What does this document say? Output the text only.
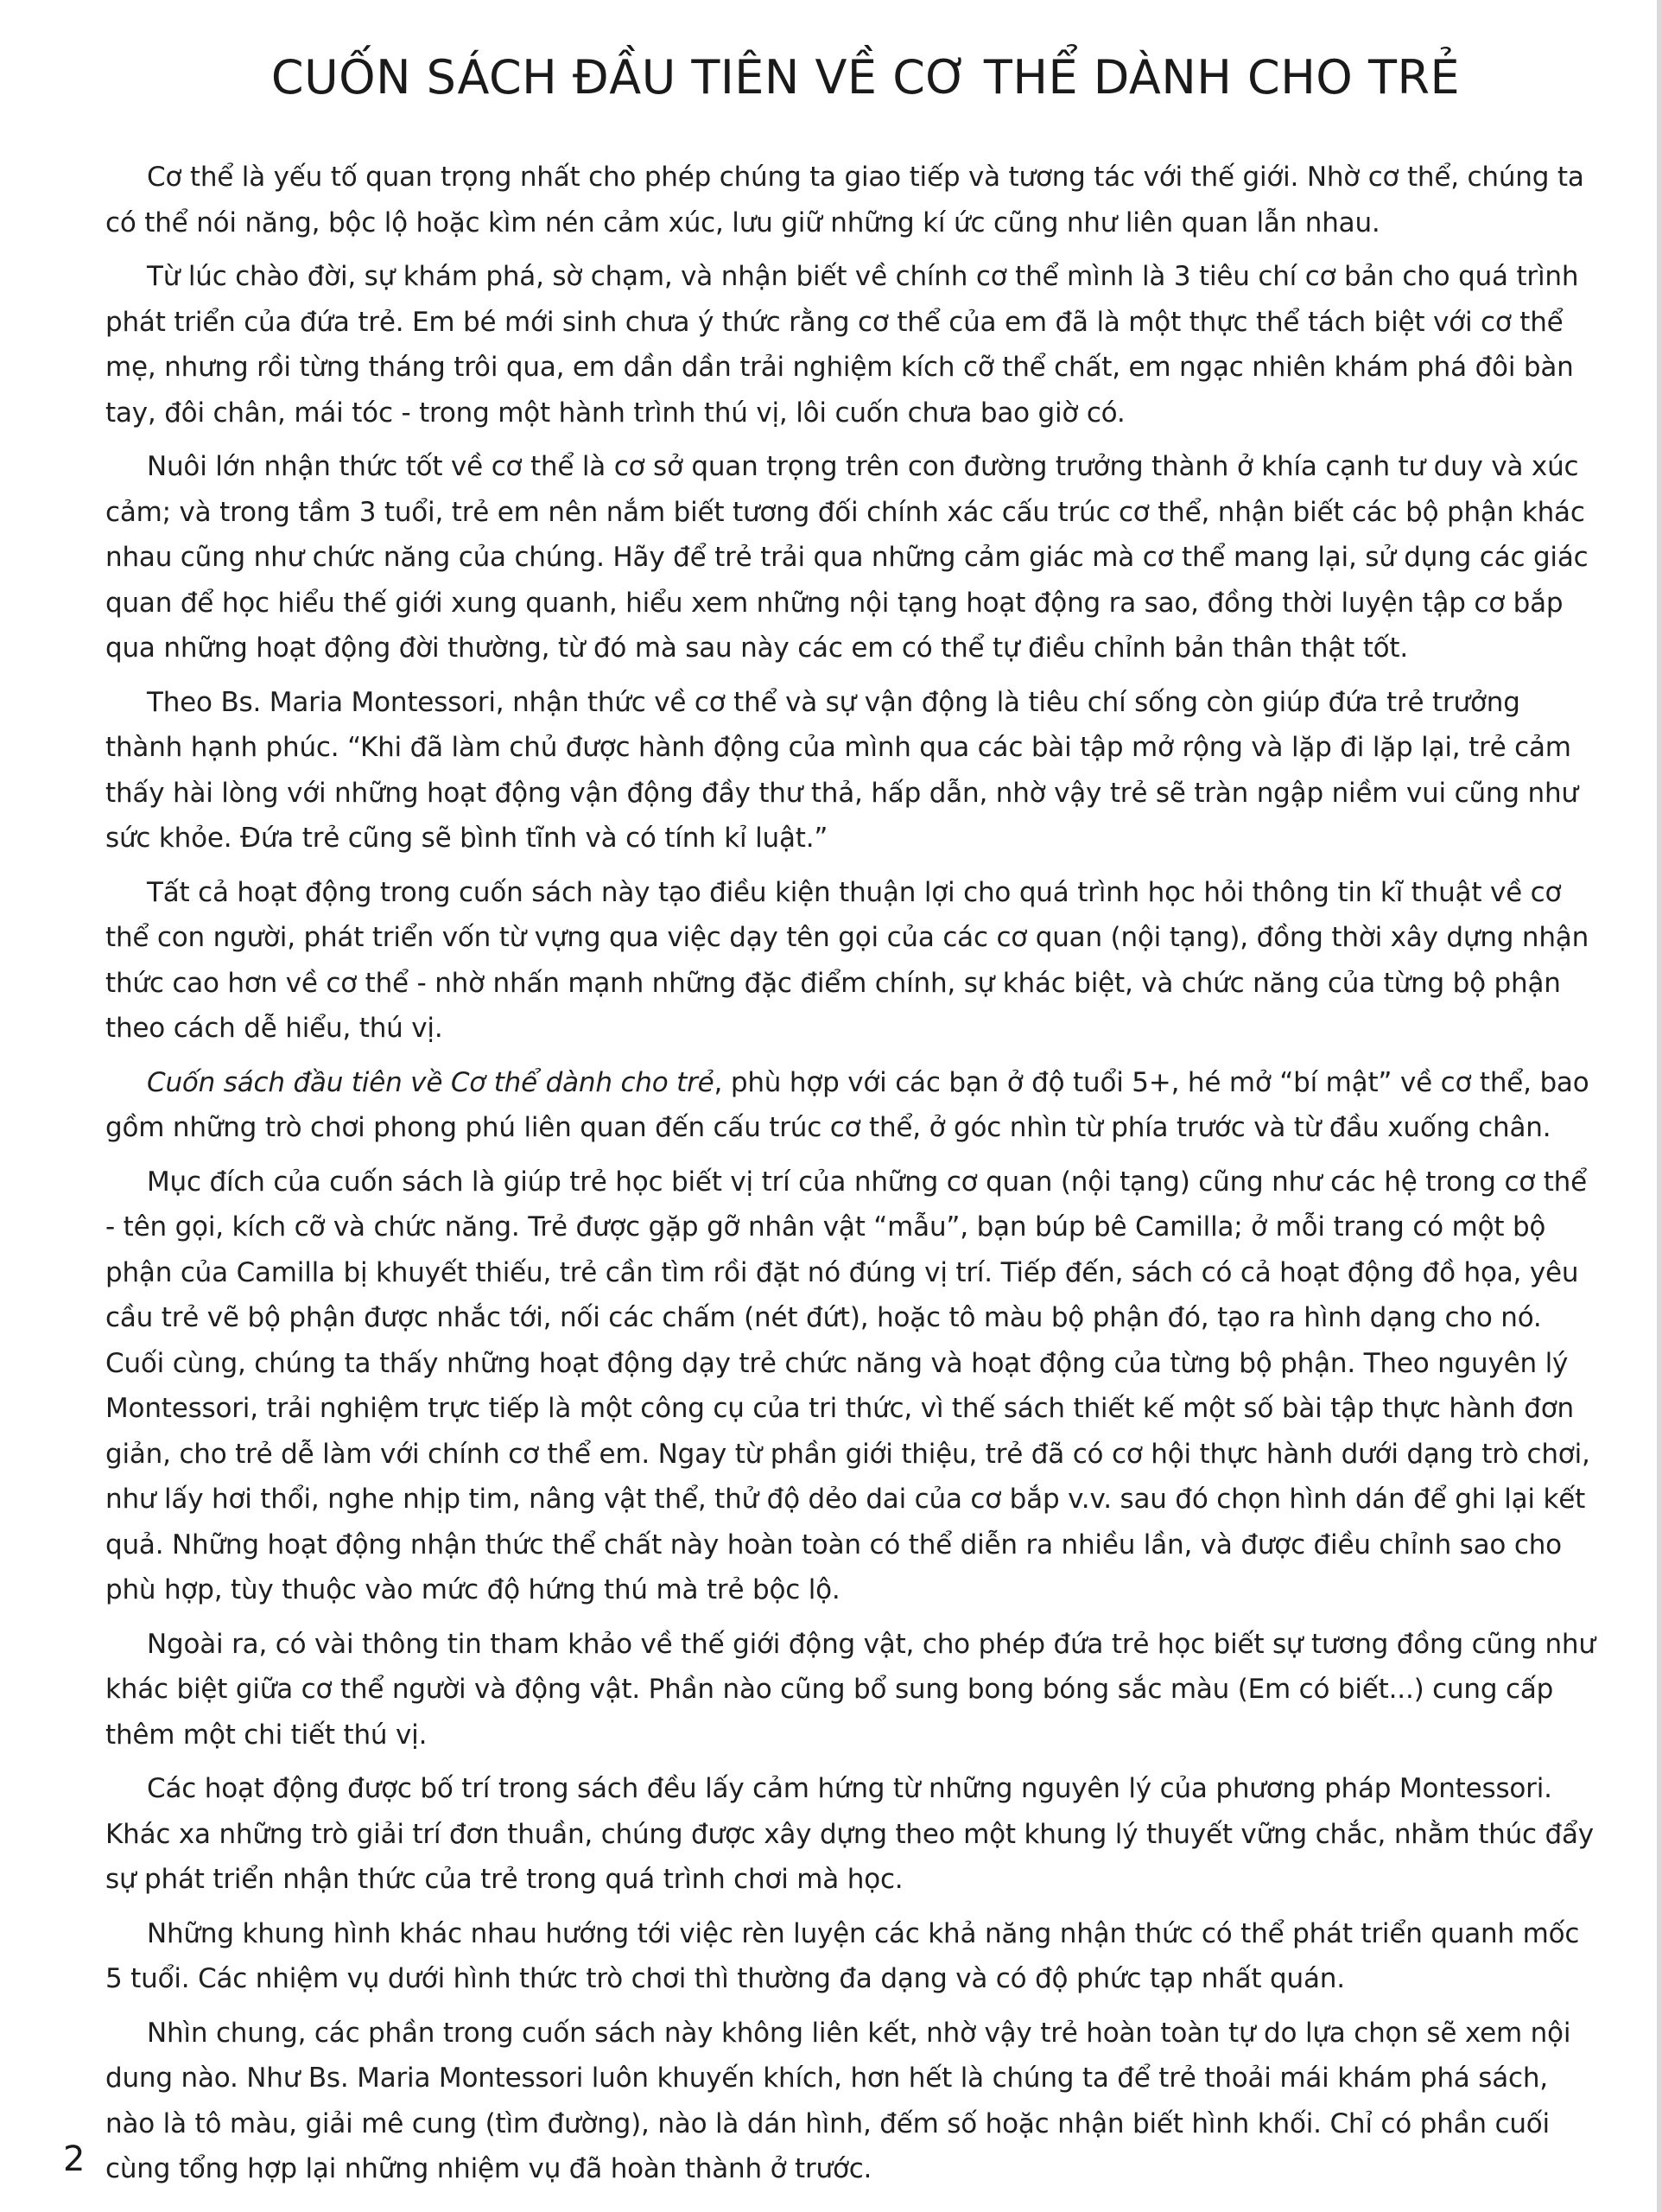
CUỐN SÁCH ĐẦU TIÊN VỀ CƠ THỂ DÀNH CHO TRẺ

Cơ thể là yếu tố quan trọng nhất cho phép chúng ta giao tiếp và tương tác với thế giới. Nhờ cơ thể, chúng ta có thể nói năng, bộc lộ hoặc kìm nén cảm xúc, lưu giữ những kí ức cũng như liên quan lẫn nhau.

Từ lúc chào đời, sự khám phá, sờ chạm, và nhận biết về chính cơ thể mình là 3 tiêu chí cơ bản cho quá trình phát triển của đứa trẻ. Em bé mới sinh chưa ý thức rằng cơ thể của em đã là một thực thể tách biệt với cơ thể mẹ, nhưng rồi từng tháng trôi qua, em dần dần trải nghiệm kích cỡ thể chất, em ngạc nhiên khám phá đôi bàn tay, đôi chân, mái tóc - trong một hành trình thú vị, lôi cuốn chưa bao giờ có.

Nuôi lớn nhận thức tốt về cơ thể là cơ sở quan trọng trên con đường trưởng thành ở khía cạnh tư duy và xúc cảm; và trong tầm 3 tuổi, trẻ em nên nắm biết tương đối chính xác cấu trúc cơ thể, nhận biết các bộ phận khác nhau cũng như chức năng của chúng. Hãy để trẻ trải qua những cảm giác mà cơ thể mang lại, sử dụng các giác quan để học hiểu thế giới xung quanh, hiểu xem những nội tạng hoạt động ra sao, đồng thời luyện tập cơ bắp qua những hoạt động đời thường, từ đó mà sau này các em có thể tự điều chỉnh bản thân thật tốt.

Theo Bs. Maria Montessori, nhận thức về cơ thể và sự vận động là tiêu chí sống còn giúp đứa trẻ trưởng thành hạnh phúc. “Khi đã làm chủ được hành động của mình qua các bài tập mở rộng và lặp đi lặp lại, trẻ cảm thấy hài lòng với những hoạt động vận động đầy thư thả, hấp dẫn, nhờ vậy trẻ sẽ tràn ngập niềm vui cũng như sức khỏe. Đứa trẻ cũng sẽ bình tĩnh và có tính kỉ luật.”

Tất cả hoạt động trong cuốn sách này tạo điều kiện thuận lợi cho quá trình học hỏi thông tin kĩ thuật về cơ thể con người, phát triển vốn từ vựng qua việc dạy tên gọi của các cơ quan (nội tạng), đồng thời xây dựng nhận thức cao hơn về cơ thể - nhờ nhấn mạnh những đặc điểm chính, sự khác biệt, và chức năng của từng bộ phận theo cách dễ hiểu, thú vị.

Cuốn sách đầu tiên về Cơ thể dành cho trẻ, phù hợp với các bạn ở độ tuổi 5+, hé mở “bí mật” về cơ thể, bao gồm những trò chơi phong phú liên quan đến cấu trúc cơ thể, ở góc nhìn từ phía trước và từ đầu xuống chân.

Mục đích của cuốn sách là giúp trẻ học biết vị trí của những cơ quan (nội tạng) cũng như các hệ trong cơ thể - tên gọi, kích cỡ và chức năng. Trẻ được gặp gỡ nhân vật “mẫu”, bạn búp bê Camilla; ở mỗi trang có một bộ phận của Camilla bị khuyết thiếu, trẻ cần tìm rồi đặt nó đúng vị trí. Tiếp đến, sách có cả hoạt động đồ họa, yêu cầu trẻ vẽ bộ phận được nhắc tới, nối các chấm (nét đứt), hoặc tô màu bộ phận đó, tạo ra hình dạng cho nó. Cuối cùng, chúng ta thấy những hoạt động dạy trẻ chức năng và hoạt động của từng bộ phận. Theo nguyên lý Montessori, trải nghiệm trực tiếp là một công cụ của tri thức, vì thế sách thiết kế một số bài tập thực hành đơn giản, cho trẻ dễ làm với chính cơ thể em. Ngay từ phần giới thiệu, trẻ đã có cơ hội thực hành dưới dạng trò chơi, như lấy hơi thổi, nghe nhịp tim, nâng vật thể, thử độ dẻo dai của cơ bắp v.v. sau đó chọn hình dán để ghi lại kết quả. Những hoạt động nhận thức thể chất này hoàn toàn có thể diễn ra nhiều lần, và được điều chỉnh sao cho phù hợp, tùy thuộc vào mức độ hứng thú mà trẻ bộc lộ.

Ngoài ra, có vài thông tin tham khảo về thế giới động vật, cho phép đứa trẻ học biết sự tương đồng cũng như khác biệt giữa cơ thể người và động vật. Phần nào cũng bổ sung bong bóng sắc màu (Em có biết...) cung cấp thêm một chi tiết thú vị.

Các hoạt động được bố trí trong sách đều lấy cảm hứng từ những nguyên lý của phương pháp Montessori. Khác xa những trò giải trí đơn thuần, chúng được xây dựng theo một khung lý thuyết vững chắc, nhằm thúc đẩy sự phát triển nhận thức của trẻ trong quá trình chơi mà học.

Những khung hình khác nhau hướng tới việc rèn luyện các khả năng nhận thức có thể phát triển quanh mốc 5 tuổi. Các nhiệm vụ dưới hình thức trò chơi thì thường đa dạng và có độ phức tạp nhất quán.

Nhìn chung, các phần trong cuốn sách này không liên kết, nhờ vậy trẻ hoàn toàn tự do lựa chọn sẽ xem nội dung nào. Như Bs. Maria Montessori luôn khuyến khích, hơn hết là chúng ta để trẻ thoải mái khám phá sách, nào là tô màu, giải mê cung (tìm đường), nào là dán hình, đếm số hoặc nhận biết hình khối. Chỉ có phần cuối cùng tổng hợp lại những nhiệm vụ đã hoàn thành ở trước.

2
